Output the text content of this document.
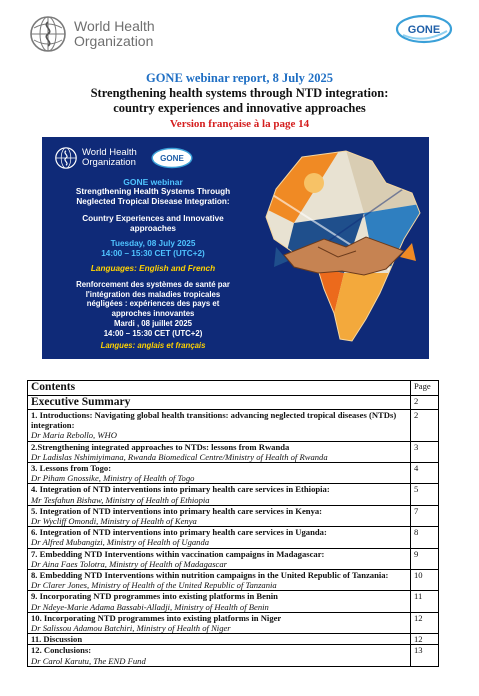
World Health
Organization
GONE
GONE webinar report, 8 July 2025
Strengthening health systems through NTD integration:
country experiences and innovative approaches
Version française à la page 14
World Health
Organization GONE
GONE webinar
Strengthening Health Systems Through
Neglected Tropical Disease Integration:
Country Experiences and Innovative
approaches
Tuesday, 08 July 2025
14:00 – 15:30 CET (UTC+2)
Languages: English and French
Renforcement des systèmes de santé par
l'intégration des maladies tropicales
négligées : expériences des pays et
approches innovantes
Mardi , 08 juillet 2025
14:00 – 15:30 CET (UTC+2)
Langues: anglais et français
Contents	Page
Executive Summary	2

1. Introductions: Navigating global health transitions: advancing neglected tropical diseases (NTDs) integration:
Dr Maria Rebollo, WHO	2

2.Strengthening integrated approaches to NTDs: lessons from Rwanda
Dr Ladislas Nshimiyimana, Rwanda Biomedical Centre/Ministry of Health of Rwanda	3

3. Lessons from Togo:
Dr Piham Gnossike, Ministry of Health of Togo	4

4. Integration of NTD interventions into primary health care services in Ethiopia:
Mr Tesfahun Bishaw, Ministry of Health of Ethiopia	5

5. Integration of NTD interventions into primary health care services in Kenya:
Dr Wycliff Omondi, Ministry of Health of Kenya	7

6. Integration of NTD interventions into primary health care services in Uganda:
Dr Alfred Mubangizi, Ministry of Health of Uganda	8

7. Embedding NTD Interventions within vaccination campaigns in Madagascar:
Dr Aina Faes Tolotra, Ministry of Health of Madagascar	9

8. Embedding NTD Interventions within nutrition campaigns in the United Republic of Tanzania:
Dr Clarer Jones, Ministry of Health of the United Republic of Tanzania	10

9. Incorporating NTD programmes into existing platforms in Benin
Dr Ndeye-Marie Adama Bassabi-Alladji, Ministry of Health of Benin	11

10. Incorporating NTD programmes into existing platforms in Niger
Dr Salissou Adamou Batchiri, Ministry of Health of Niger	12

11. Discussion	12

12. Conclusions:
Dr Carol Karutu, The END Fund	13
